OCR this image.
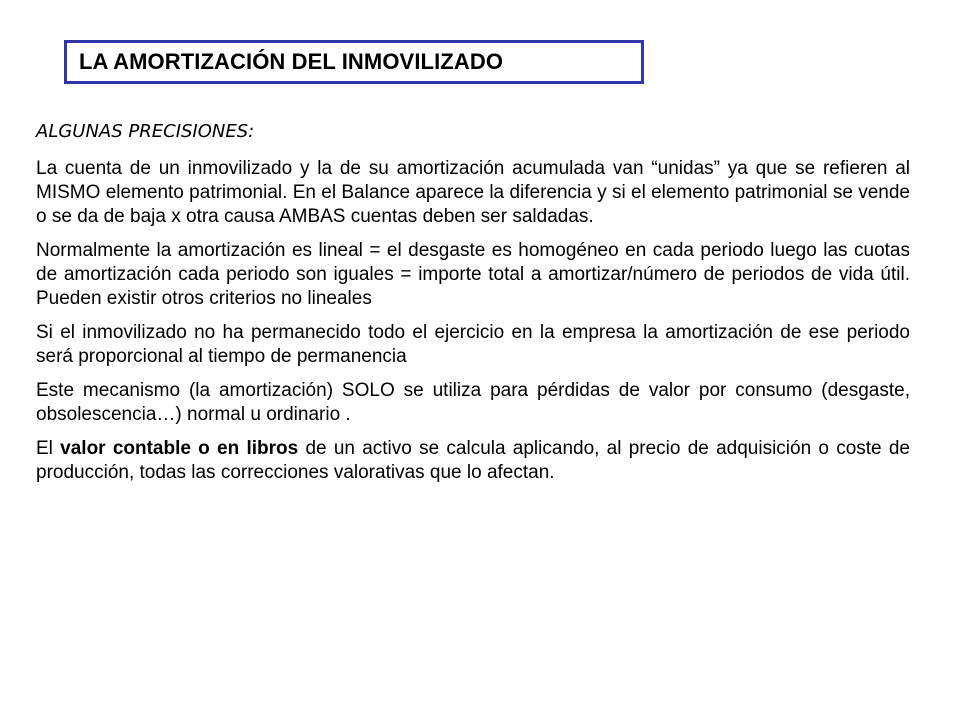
LA AMORTIZACIÓN DEL INMOVILIZADO

ALGUNAS PRECISIONES:

La cuenta de un inmovilizado y la de su amortización acumulada van “unidas” ya que se refieren al MISMO elemento patrimonial. En el Balance aparece la diferencia y si el elemento patrimonial se vende o se da de baja x otra causa AMBAS cuentas deben ser saldadas.

Normalmente la amortización es lineal = el desgaste es homogéneo en cada periodo luego las cuotas de amortización cada periodo son iguales = importe total a amortizar/número de periodos de vida útil. Pueden existir otros criterios no lineales

Si el inmovilizado no ha permanecido todo el ejercicio en la empresa la amortización de ese periodo será proporcional al tiempo de permanencia

Este mecanismo (la amortización) SOLO se utiliza para pérdidas de valor por consumo (desgaste, obsolescencia…) normal u ordinario .

El valor contable o en libros de un activo se calcula aplicando, al precio de adquisición o coste de producción, todas las correcciones valorativas que lo afectan.
